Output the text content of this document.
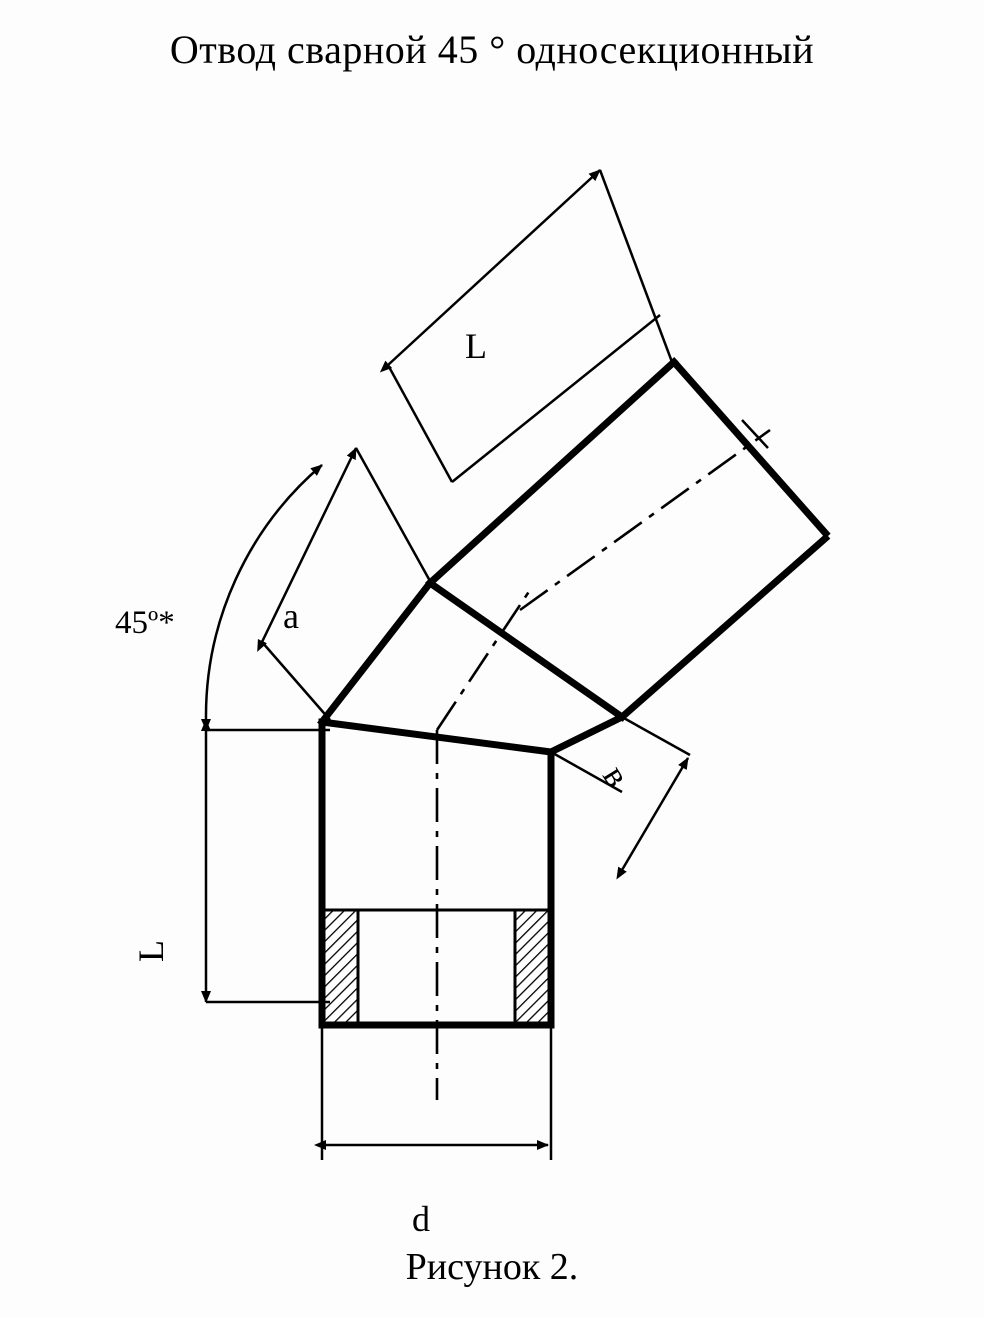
Отвод сварной 45 ° односекционный
45º*
L
a
в
L
d
Рисунок 2.
